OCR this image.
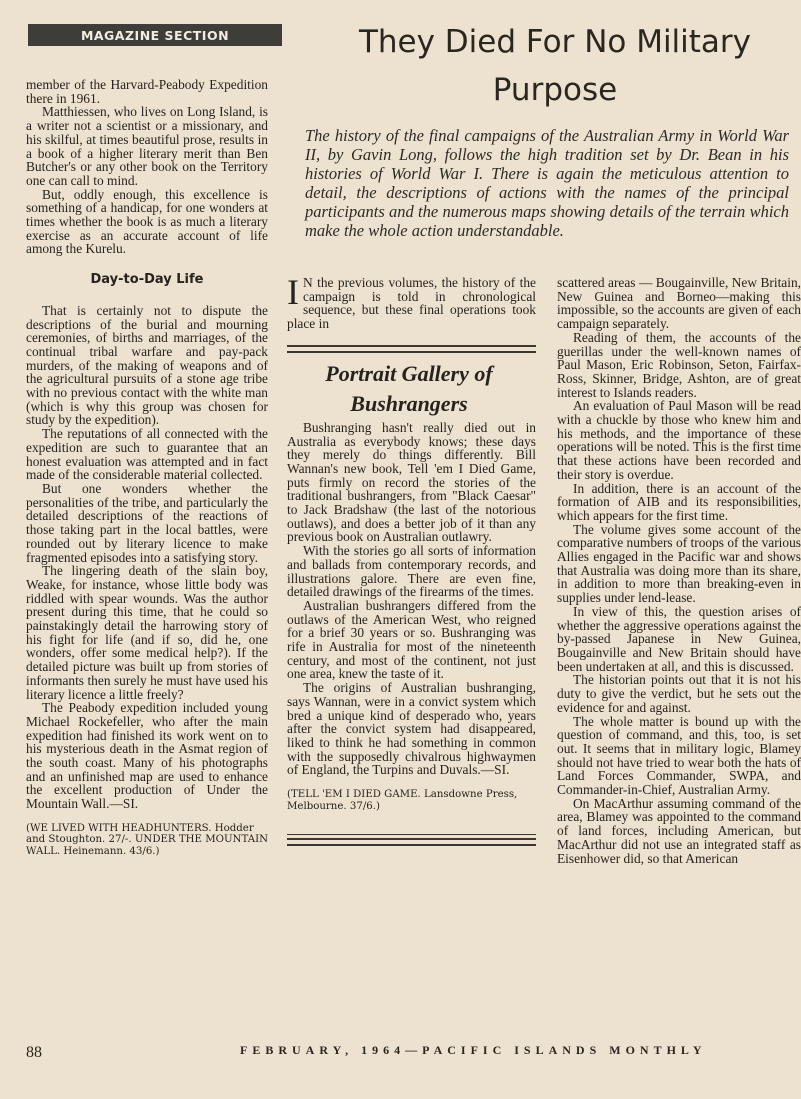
MAGAZINE SECTION	They Died For No Military
Purpose
The history of the final campaigns of the Australian Army in World War II, by Gavin Long, follows the high tradition set by Dr. Bean in his histories of World War I. There is again the meticulous attention to detail, the descriptions of actions with the names of the principal participants and the numerous maps showing details of the terrain which make the whole action understandable.

member of the Harvard-Peabody Expedition there in 1961.

Matthiessen, who lives on Long Island, is a writer not a scientist or a missionary, and his skilful, at times beautiful prose, results in a book of a higher literary merit than Ben Butcher's or any other book on the Territory one can call to mind.

But, oddly enough, this excellence is something of a handicap, for one wonders at times whether the book is as much a literary exercise as an accurate account of life among the Kurelu.

Day-to-Day Life

That is certainly not to dispute the descriptions of the burial and mourning ceremonies, of births and marriages, of the continual tribal warfare and pay-pack murders, of the making of weapons and of the agricultural pursuits of a stone age tribe with no previous contact with the white man (which is why this group was chosen for study by the expedition).

The reputations of all connected with the expedition are such to guarantee that an honest evaluation was attempted and in fact made of the considerable material collected.

But one wonders whether the personalities of the tribe, and particularly the detailed descriptions of the reactions of those taking part in the local battles, were rounded out by literary licence to make fragmented episodes into a satisfying story.

The lingering death of the slain boy, Weake, for instance, whose little body was riddled with spear wounds. Was the author present during this time, that he could so painstakingly detail the harrowing story of his fight for life (and if so, did he, one wonders, offer some medical help?). If the detailed picture was built up from stories of informants then surely he must have used his literary licence a little freely?

The Peabody expedition included young Michael Rockefeller, who after the main expedition had finished its work went on to his mysterious death in the Asmat region of the south coast. Many of his photographs and an unfinished map are used to enhance the excellent production of Under the Mountain Wall.—SI.

(WE LIVED WITH HEADHUNTERS. Hodder and Stoughton. 27/-. UNDER THE MOUNTAIN WALL. Heinemann. 43/6.)

I N the previous volumes, the history of the campaign is told in chronological sequence, but these final operations took place in

Portrait Gallery of Bushrangers

Bushranging hasn't really died out in Australia as everybody knows; these days they merely do things differently. Bill Wannan's new book, Tell 'em I Died Game, puts firmly on record the stories of the traditional bushrangers, from "Black Caesar" to Jack Bradshaw (the last of the notorious outlaws), and does a better job of it than any previous book on Australian outlawry.

With the stories go all sorts of information and ballads from contemporary records, and illustrations galore. There are even fine, detailed drawings of the firearms of the times.

Australian bushrangers differed from the outlaws of the American West, who reigned for a brief 30 years or so. Bushranging was rife in Australia for most of the nineteenth century, and most of the continent, not just one area, knew the taste of it.

The origins of Australian bushranging, says Wannan, were in a convict system which bred a unique kind of desperado who, years after the convict system had disappeared, liked to think he had something in common with the supposedly chivalrous highwaymen of England, the Turpins and Duvals.—SI.

(TELL 'EM I DIED GAME. Lansdowne Press, Melbourne. 37/6.)

scattered areas — Bougainville, New Britain, New Guinea and Borneo—making this impossible, so the accounts are given of each campaign separately.

Reading of them, the accounts of the guerillas under the well-known names of Paul Mason, Eric Robinson, Seton, Fairfax-Ross, Skinner, Bridge, Ashton, are of great interest to Islands readers.

An evaluation of Paul Mason will be read with a chuckle by those who knew him and his methods, and the importance of these operations will be noted. This is the first time that these actions have been recorded and their story is overdue.

In addition, there is an account of the formation of AIB and its responsibilities, which appears for the first time.

The volume gives some account of the comparative numbers of troops of the various Allies engaged in the Pacific war and shows that Australia was doing more than its share, in addition to more than breaking-even in supplies under lend-lease.

In view of this, the question arises of whether the aggressive operations against the by-passed Japanese in New Guinea, Bougainville and New Britain should have been undertaken at all, and this is discussed.

The historian points out that it is not his duty to give the verdict, but he sets out the evidence for and against.

The whole matter is bound up with the question of command, and this, too, is set out. It seems that in military logic, Blamey should not have tried to wear both the hats of Land Forces Commander, SWPA, and Commander-in-Chief, Australian Army.

On MacArthur assuming command of the area, Blamey was appointed to the command of land forces, including American, but MacArthur did not use an integrated staff as Eisenhower did, so that American

88	FEBRUARY, 1964—PACIFIC ISLANDS MONTHLY
